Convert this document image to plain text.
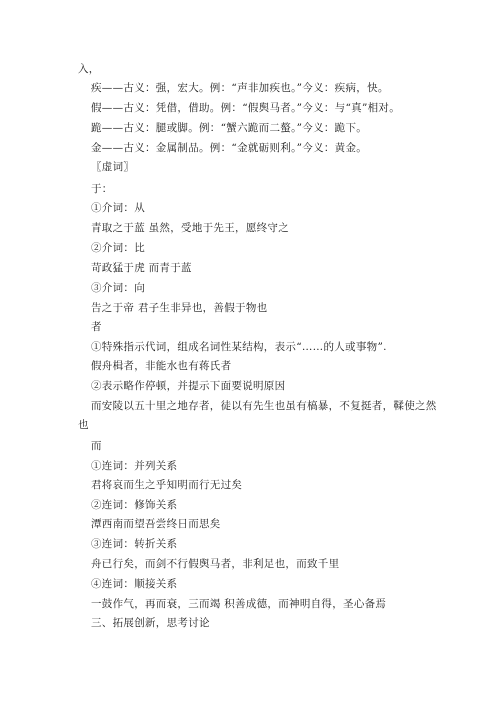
入，
疾——古义：强，宏大。例：“声非加疾也。”今义：疾病，快。
假——古义：凭借，借助。例：“假舆马者。”今义：与“真”相对。
跪——古义：腿或脚。例：“蟹六跪而二螯。”今义：跪下。
金——古义：金属制品。例：“金就砺则利。”今义：黄金。
〖虚词〗
于：
①介词：从
青取之于蓝 虽然，受地于先王，愿终守之
②介词：比
苛政猛于虎 而青于蓝
③介词：向
告之于帝 君子生非异也，善假于物也
者
①特殊指示代词，组成名词性某结构，表示“……的人或事物”.
假舟楫者，非能水也有蒋氏者
②表示略作停顿，并提示下面要说明原因
而安陵以五十里之地存者，徒以有先生也虽有槁暴，不复挺者，鞣使之然
也
而
①连词：并列关系
君将哀而生之乎知明而行无过矣
②连词：修饰关系
潭西南而望吾尝终日而思矣
③连词：转折关系
舟已行矣，而剑不行假舆马者，非利足也，而致千里
④连词：顺接关系
一鼓作气，再而衰，三而竭 积善成德，而神明自得，圣心备焉
三、拓展创新，思考讨论
